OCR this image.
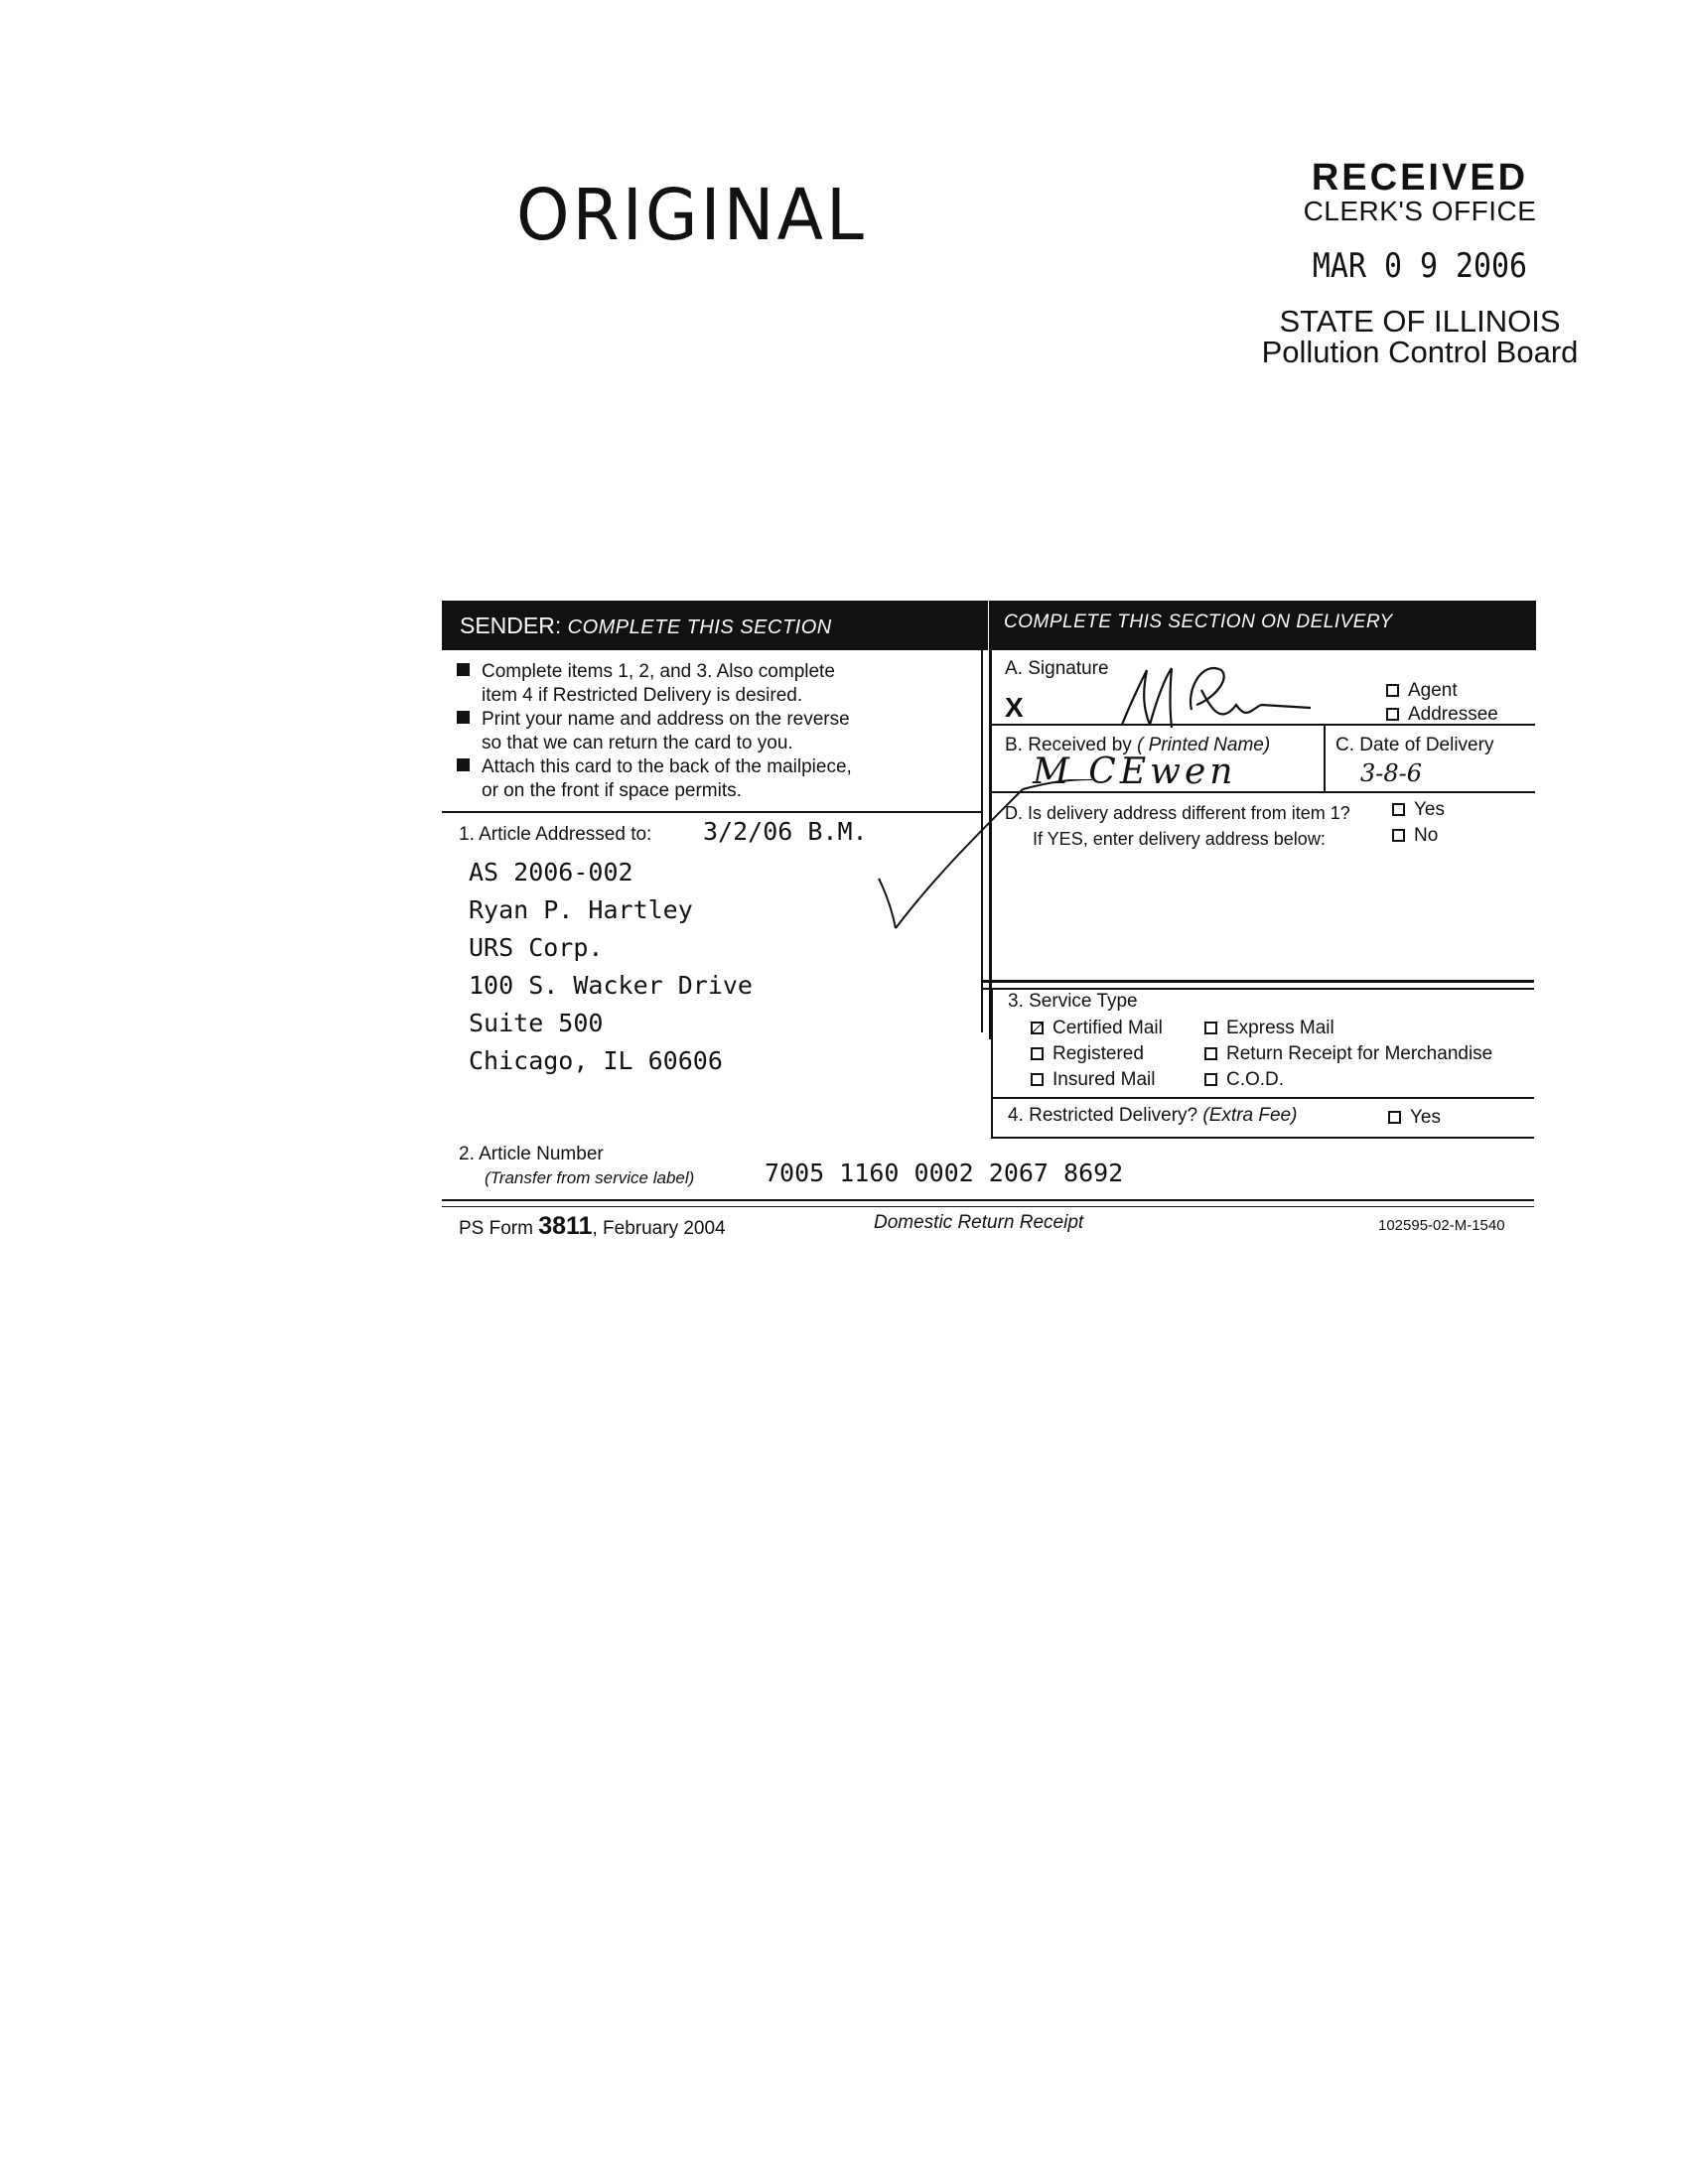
ORIGINAL	RECEIVED
CLERK'S OFFICE
MAR 0 9 2006
STATE OF ILLINOIS
Pollution Control Board
SENDER: COMPLETE THIS SECTION	COMPLETE THIS SECTION ON DELIVERY
Complete items 1, 2, and 3. Also complete
item 4 if Restricted Delivery is desired.
Print your name and address on the reverse
so that we can return the card to you.
Attach this card to the back of the mailpiece,
or on the front if space permits.
1. Article Addressed to: 3/2/06 B.M.
AS 2006-002
Ryan P. Hartley
URS Corp.
100 S. Wacker Drive
Suite 500
Chicago, IL 60606
A. Signature
X
Agent
Addressee
B. Received by ( Printed Name)
M CEwen
C. Date of Delivery
3-8-6
D. Is delivery address different from item 1?
If YES, enter delivery address below:
Yes
No
3. Service Type
Certified Mail	Express Mail
Registered	Return Receipt for Merchandise
Insured Mail	C.O.D.
4. Restricted Delivery? (Extra Fee)	Yes
2. Article Number
(Transfer from service label)	7005 1160 0002 2067 8692
PS Form 3811, February 2004	Domestic Return Receipt	102595-02-M-1540
